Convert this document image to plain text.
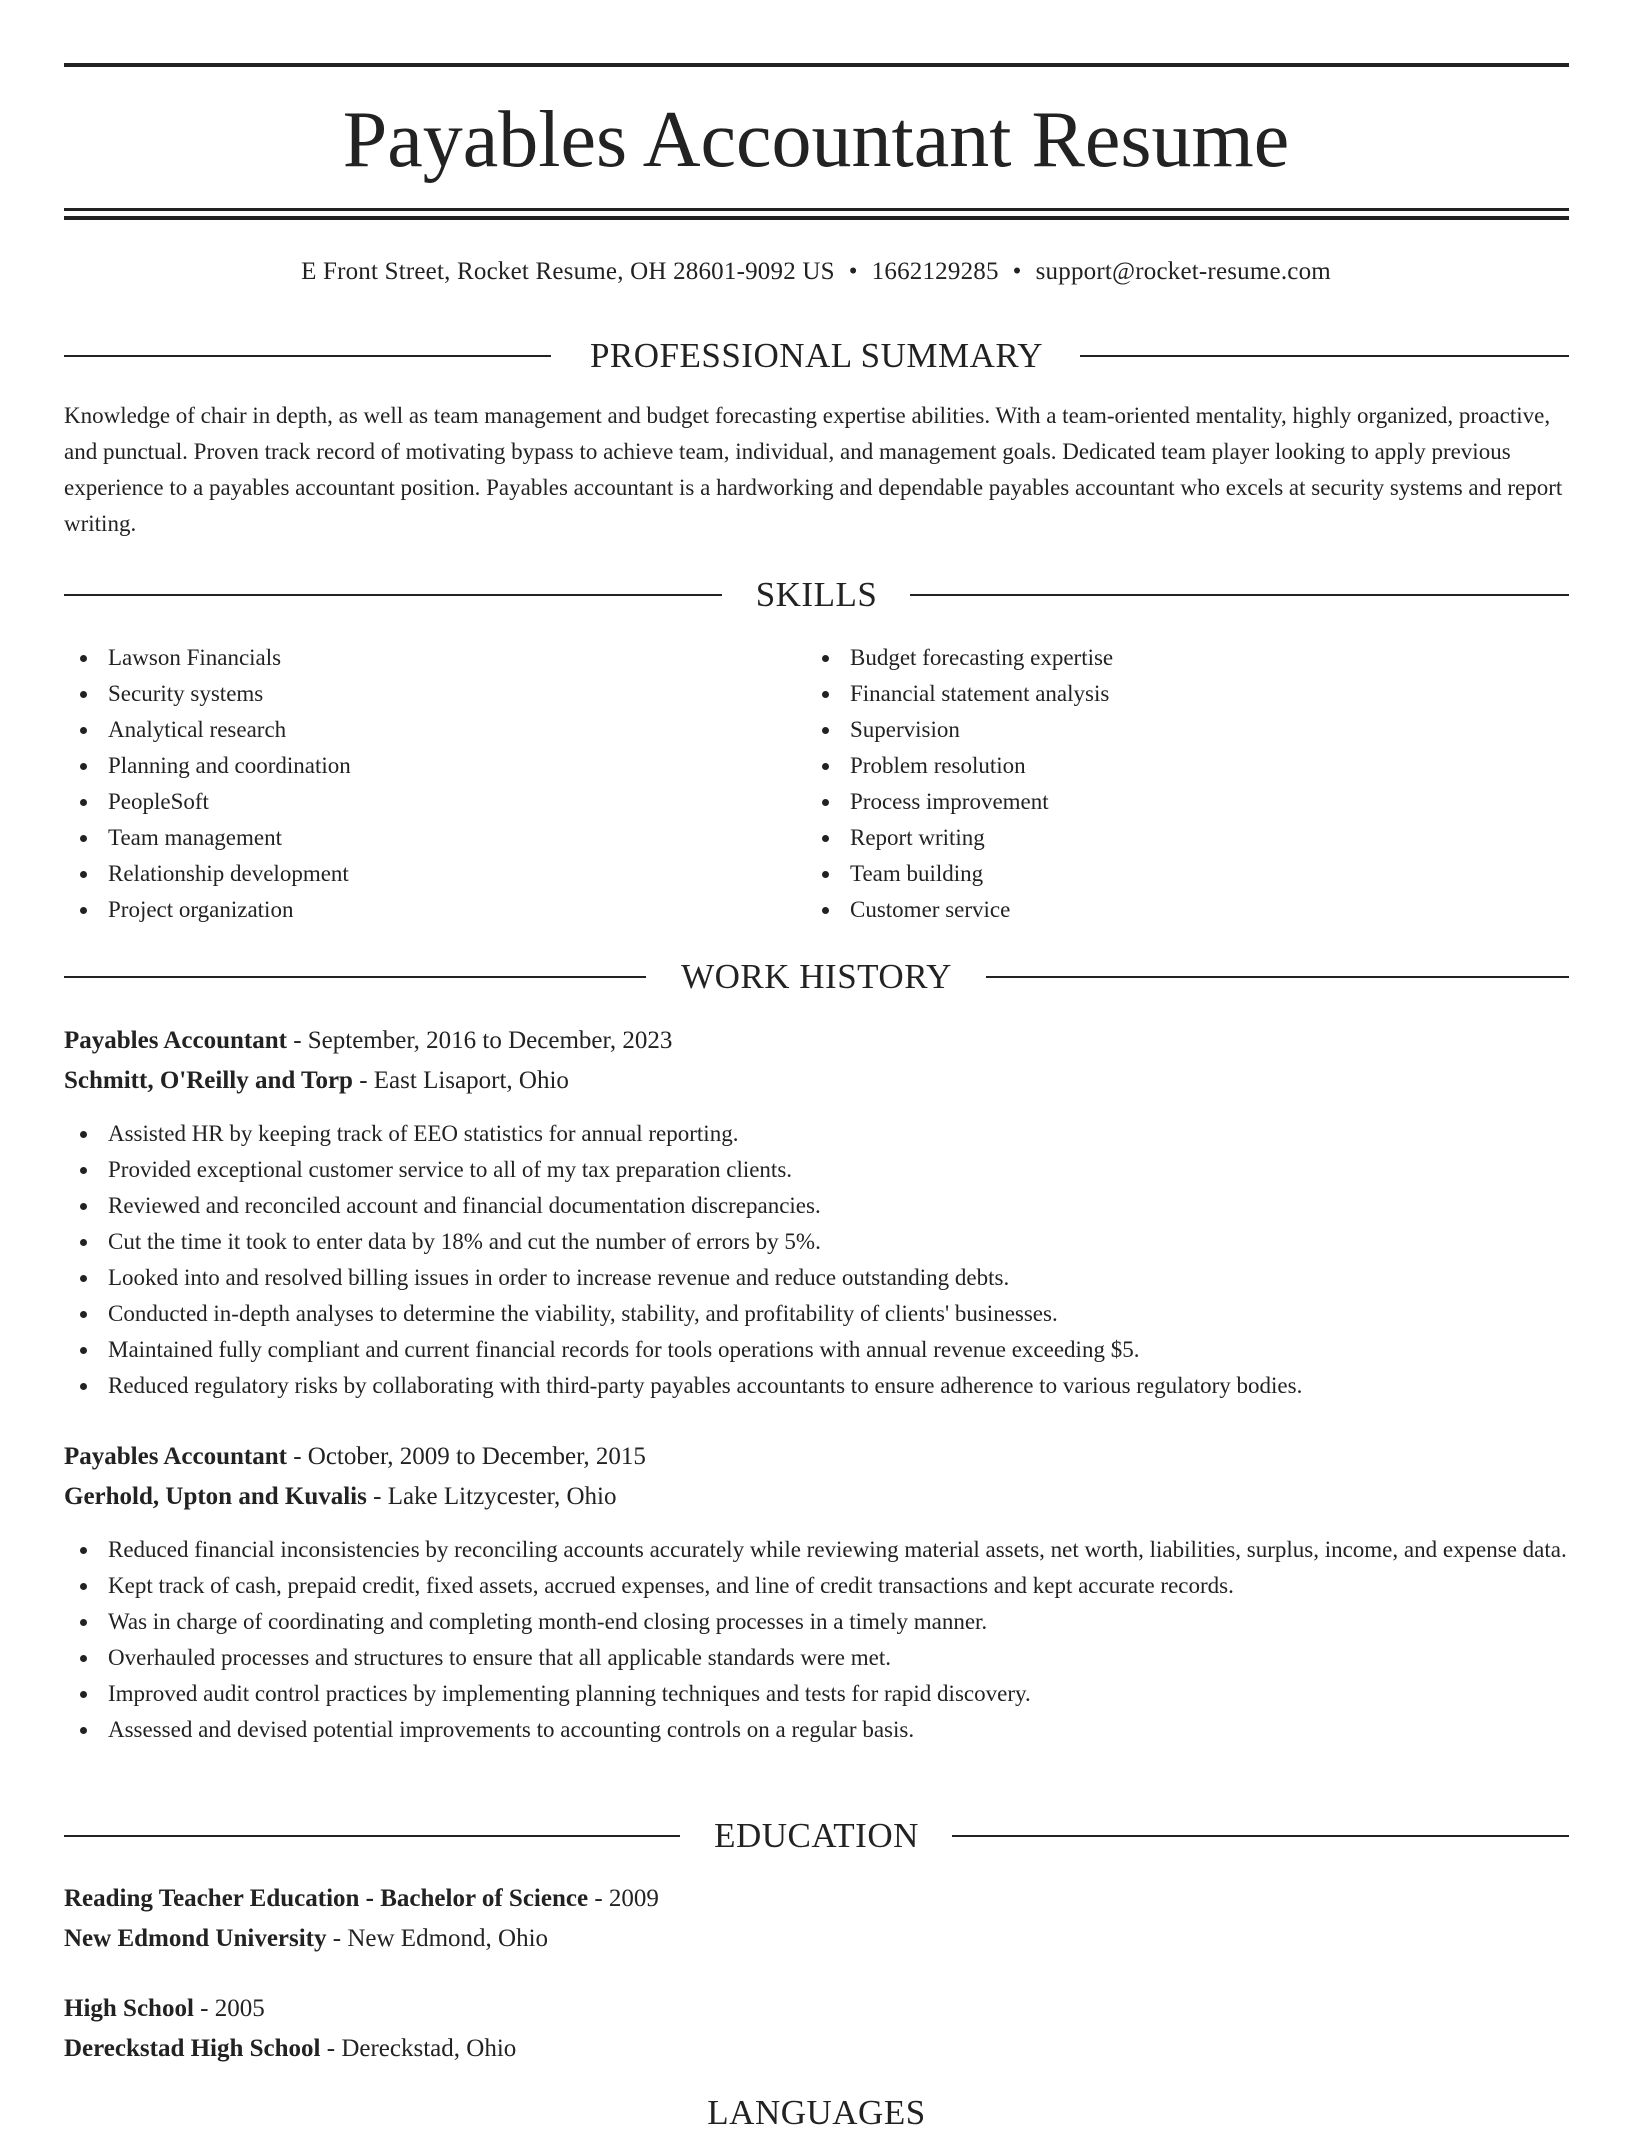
Payables Accountant Resume
E Front Street, Rocket Resume, OH 28601-9092 US • 1662129285 • support@rocket-resume.com
PROFESSIONAL SUMMARY

Knowledge of chair in depth, as well as team management and budget forecasting expertise abilities. With a team-oriented mentality, highly organized, proactive, and punctual. Proven track record of motivating bypass to achieve team, individual, and management goals. Dedicated team player looking to apply previous experience to a payables accountant position. Payables accountant is a hardworking and dependable payables accountant who excels at security systems and report writing.

SKILLS
Lawson Financials
Security systems
Analytical research
Planning and coordination
PeopleSoft
Team management
Relationship development
Project organization
Budget forecasting expertise
Financial statement analysis
Supervision
Problem resolution
Process improvement
Report writing
Team building
Customer service
WORK HISTORY
Payables Accountant - September, 2016 to December, 2023
Schmitt, O'Reilly and Torp - East Lisaport, Ohio
Assisted HR by keeping track of EEO statistics for annual reporting.
Provided exceptional customer service to all of my tax preparation clients.
Reviewed and reconciled account and financial documentation discrepancies.
Cut the time it took to enter data by 18% and cut the number of errors by 5%.
Looked into and resolved billing issues in order to increase revenue and reduce outstanding debts.
Conducted in-depth analyses to determine the viability, stability, and profitability of clients' businesses.
Maintained fully compliant and current financial records for tools operations with annual revenue exceeding $5.
Reduced regulatory risks by collaborating with third-party payables accountants to ensure adherence to various regulatory bodies.
Payables Accountant - October, 2009 to December, 2015
Gerhold, Upton and Kuvalis - Lake Litzycester, Ohio
Reduced financial inconsistencies by reconciling accounts accurately while reviewing material assets, net worth, liabilities, surplus, income, and expense data.
Kept track of cash, prepaid credit, fixed assets, accrued expenses, and line of credit transactions and kept accurate records.
Was in charge of coordinating and completing month-end closing processes in a timely manner.
Overhauled processes and structures to ensure that all applicable standards were met.
Improved audit control practices by implementing planning techniques and tests for rapid discovery.
Assessed and devised potential improvements to accounting controls on a regular basis.
EDUCATION
Reading Teacher Education - Bachelor of Science - 2009
New Edmond University - New Edmond, Ohio
High School - 2005
Dereckstad High School - Dereckstad, Ohio
LANGUAGES
